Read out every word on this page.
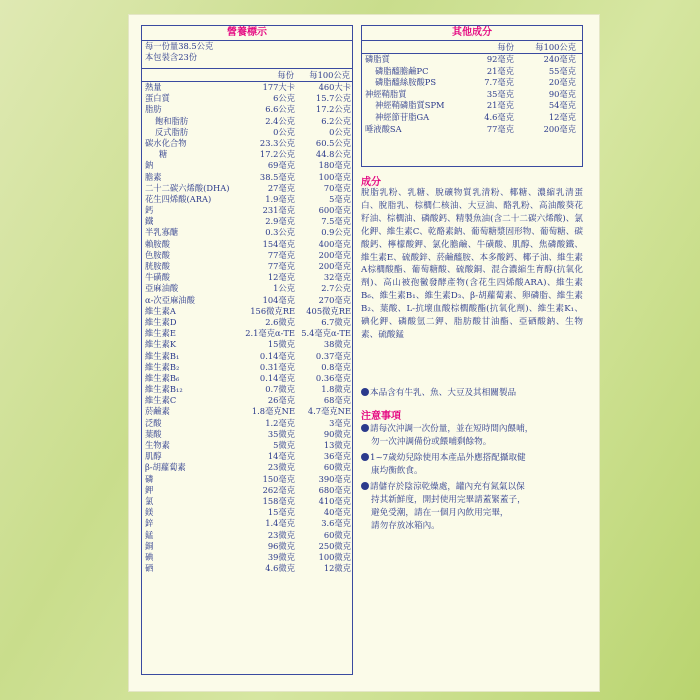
營養標示
每一份量38.5公克
本包裝含23份
每份	每100公克
熱量	177大卡	460大卡
蛋白質	6公克	15.7公克
脂肪	6.6公克	17.2公克
飽和脂肪	2.4公克	6.2公克
反式脂肪	0公克	0公克
碳水化合物	23.3公克	60.5公克
糖	17.2公克	44.8公克
鈉	69毫克	180毫克
膽素	38.5毫克	100毫克
二十二碳六烯酸(DHA)	27毫克	70毫克
花生四烯酸(ARA)	1.9毫克	5毫克
鈣	231毫克	600毫克
鐵	2.9毫克	7.5毫克
半乳寡醣	0.3公克	0.9公克
賴胺酸	154毫克	400毫克
色胺酸	77毫克	200毫克
胱胺酸	77毫克	200毫克
牛磺酸	12毫克	32毫克
亞麻油酸	1公克	2.7公克
α-次亞麻油酸	104毫克	270毫克
維生素A	156微克RE	405微克RE
維生素D	2.6微克	6.7微克
維生素E	2.1毫克α-TE 5.4毫克α-TE
維生素K	15微克	38微克
維生素B₁	0.14毫克	0.37毫克
維生素B₂	0.31毫克	0.8毫克
維生素B₆	0.14毫克	0.36毫克
維生素B₁₂	0.7微克	1.8微克
維生素C	26毫克	68毫克
菸鹼素	1.8毫克NE	4.7毫克NE
泛酸	1.2毫克	3毫克
葉酸	35微克	90微克
生物素	5微克	13微克
肌醇	14毫克	36毫克
β-胡蘿蔔素	23微克	60微克
磷	150毫克	390毫克
鉀	262毫克	680毫克
氯	158毫克	410毫克
鎂	15毫克	40毫克
鋅	1.4毫克	3.6毫克
錳	23微克	60微克
銅	96微克	250微克
碘	39微克	100微克
硒	4.6微克	12微克
其他成分
每份	每100公克
磷脂質	92毫克	240毫克
磷脂醯膽鹼PC	21毫克	55毫克
磷脂醯絲胺酸PS	7.7毫克	20毫克
神經鞘脂質	35毫克	90毫克
神經鞘磷脂質SPM	21毫克	54毫克
神經節苷脂GA	4.6毫克	12毫克
唾液酸SA	77毫克	200毫克
成分
脫脂乳粉、乳糖、脫礦物質乳清粉、椰糖、濃縮乳清蛋白、脫脂乳、棕櫚仁核油、大豆油、酪乳粉、高油酸葵花籽油、棕櫚油、磷酸鈣、精製魚油(含二十二碳六烯酸)、氯化鉀、維生素C、乾酪素鈉、葡萄糖漿固形物、葡萄糖、碳酸鈣、檸檬酸鉀、氯化膽鹼、牛磺酸、肌醇、焦磷酸鐵、維生素E、硫酸鋅、菸鹼醯胺、本多酸鈣、椰子油、維生素A棕櫚酸酯、葡萄糖酸、硫酸銅、混合濃縮生育醇(抗氧化劑)、高山被孢黴發酵產物(含花生四烯酸ARA)、維生素B₆、維生素B₁、維生素D₃、β-胡蘿蔔素、卵磷脂、維生素B₂、葉酸、L-抗壞血酸棕櫚酸酯(抗氧化劑)、維生素K₁、碘化鉀、磷酸氫二鉀、脂肪酸甘油酯、亞硒酸鈉、生物素、硫酸錳
本品含有牛乳、魚、大豆及其相關製品
注意事項
請每次沖調一次份量，並在短時間內餵哺，
勿一次沖調備份或餵哺剩餘物。
1~7歲幼兒除使用本產品外應搭配攝取健
康均衡飲食。
請儲存於陰涼乾燥處，罐內充有氮氣以保
持其新鮮度，開封使用完畢請蓋緊蓋子，
避免受潮，請在一個月內飲用完畢，
請勿存放冰箱內。
